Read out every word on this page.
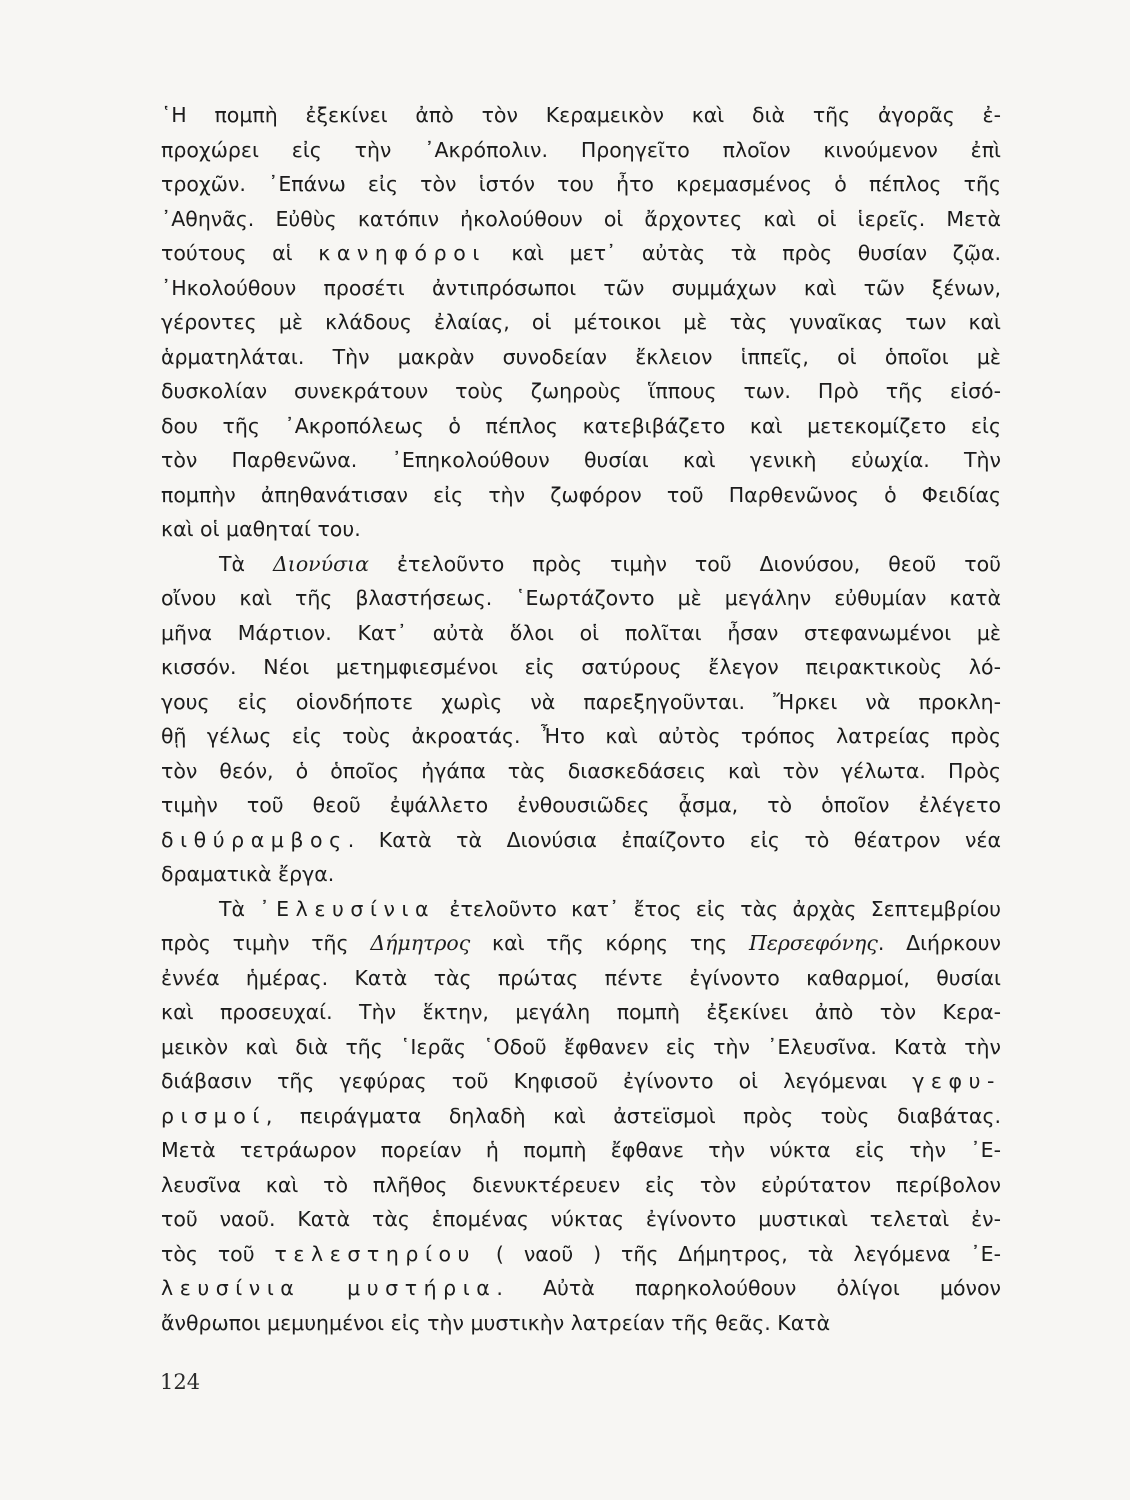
῾Η πομπὴ ἐξεκίνει ἀπὸ τὸν Κεραμεικὸν καὶ διὰ τῆς ἀγορᾶς ἐ-
προχώρει εἰς τὴν ᾿Ακρόπολιν. Προηγεῖτο πλοῖον κινούμενον ἐπὶ
τροχῶν. ᾿Επάνω εἰς τὸν ἱστόν του ἦτο κρεμασμένος ὁ πέπλος τῆς
᾿Αθηνᾶς. Εὐθὺς κατόπιν ἠκολούθουν οἱ ἄρχοντες καὶ οἱ ἱερεῖς. Μετὰ
τούτους αἱ κανηφόροι καὶ μετ᾿ αὐτὰς τὰ πρὸς θυσίαν ζῷα.
᾿Ηκολούθουν προσέτι ἀντιπρόσωποι τῶν συμμάχων καὶ τῶν ξένων,
γέροντες μὲ κλάδους ἐλαίας, οἱ μέτοικοι μὲ τὰς γυναῖκας των καὶ
ἁρματηλάται. Τὴν μακρὰν συνοδείαν ἔκλειον ἱππεῖς, οἱ ὁποῖοι μὲ
δυσκολίαν συνεκράτουν τοὺς ζωηροὺς ἵππους των. Πρὸ τῆς εἰσό-
δου τῆς ᾿Ακροπόλεως ὁ πέπλος κατεβιβάζετο καὶ μετεκομίζετο εἰς
τὸν Παρθενῶνα. ᾿Επηκολούθουν θυσίαι καὶ γενικὴ εὐωχία. Τὴν
πομπὴν ἀπηθανάτισαν εἰς τὴν ζωφόρον τοῦ Παρθενῶνος ὁ Φειδίας
καὶ οἱ μαθηταί του.
Τὰ Διονύσια ἐτελοῦντο πρὸς τιμὴν τοῦ Διονύσου, θεοῦ τοῦ
οἴνου καὶ τῆς βλαστήσεως. ῾Εωρτάζοντο μὲ μεγάλην εὐθυμίαν κατὰ
μῆνα Μάρτιον. Κατ᾿ αὐτὰ ὅλοι οἱ πολῖται ἦσαν στεφανωμένοι μὲ
κισσόν. Νέοι μετημφιεσμένοι εἰς σατύρους ἔλεγον πειρακτικοὺς λό-
γους εἰς οἱονδήποτε χωρὶς νὰ παρεξηγοῦνται. Ἤρκει νὰ προκλη-
θῇ γέλως εἰς τοὺς ἀκροατάς. Ἦτο καὶ αὐτὸς τρόπος λατρείας πρὸς
τὸν θεόν, ὁ ὁποῖος ἠγάπα τὰς διασκεδάσεις καὶ τὸν γέλωτα. Πρὸς
τιμὴν τοῦ θεοῦ ἐψάλλετο ἐνθουσιῶδες ᾆσμα, τὸ ὁποῖον ἐλέγετο
διθύραμβος. Κατὰ τὰ Διονύσια ἐπαίζοντο εἰς τὸ θέατρον νέα
δραματικὰ ἔργα.
Τὰ ᾿Ελευσίνια ἐτελοῦντο κατ᾿ ἔτος εἰς τὰς ἀρχὰς Σεπτεμβρίου
πρὸς τιμὴν τῆς Δήμητρος καὶ τῆς κόρης της Περσεφόνης. Διήρκουν
ἐννέα ἡμέρας. Κατὰ τὰς πρώτας πέντε ἐγίνοντο καθαρμοί, θυσίαι
καὶ προσευχαί. Τὴν ἕκτην, μεγάλη πομπὴ ἐξεκίνει ἀπὸ τὸν Κερα-
μεικὸν καὶ διὰ τῆς ῾Ιερᾶς ῾Οδοῦ ἔφθανεν εἰς τὴν ᾿Ελευσῖνα. Κατὰ τὴν
διάβασιν τῆς γεφύρας τοῦ Κηφισοῦ ἐγίνοντο οἱ λεγόμεναι γεφυ-
ρισμοί, πειράγματα δηλαδὴ καὶ ἀστεϊσμοὶ πρὸς τοὺς διαβάτας.
Μετὰ τετράωρον πορείαν ἡ πομπὴ ἔφθανε τὴν νύκτα εἰς τὴν ᾿Ε-
λευσῖνα καὶ τὸ πλῆθος διενυκτέρευεν εἰς τὸν εὐρύτατον περίβολον
τοῦ ναοῦ. Κατὰ τὰς ἑπομένας νύκτας ἐγίνοντο μυστικαὶ τελεταὶ ἐν-
τὸς τοῦ τελεστηρίου ( ναοῦ ) τῆς Δήμητρος, τὰ λεγόμενα ᾿Ε-
λευσίνια μυστήρια. Αὐτὰ παρηκολούθουν ὀλίγοι μόνον
ἄνθρωποι μεμυημένοι εἰς τὴν μυστικὴν λατρείαν τῆς θεᾶς. Κατὰ
124
